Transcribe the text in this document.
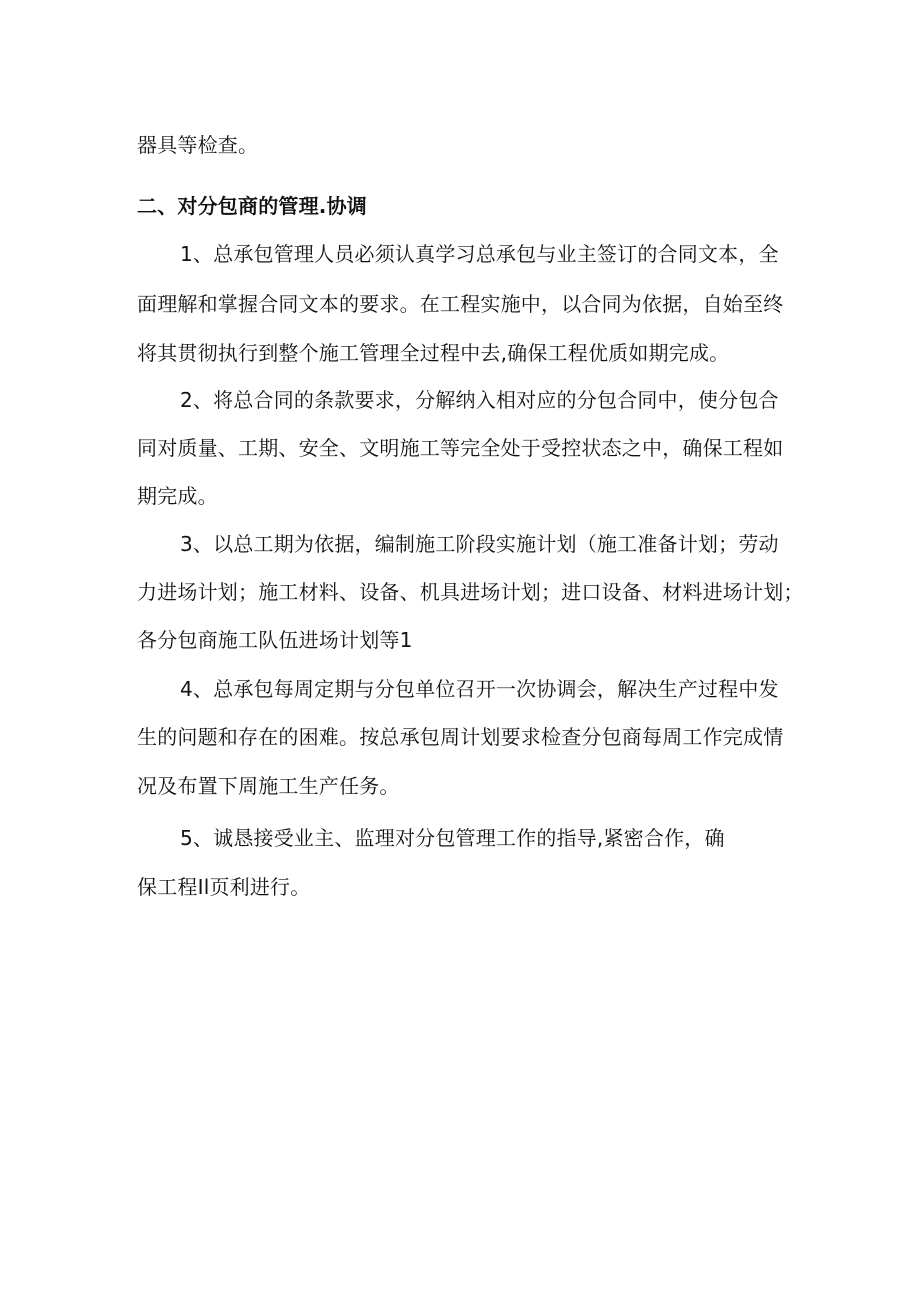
器具等检查。
二、对分包商的管理.协调
1、总承包管理人员必须认真学习总承包与业主签订的合同文本，全
面理解和掌握合同文本的要求。在工程实施中，以合同为依据，自始至终
将其贯彻执行到整个施工管理全过程中去,确保工程优质如期完成。
2、将总合同的条款要求，分解纳入相对应的分包合同中，使分包合
同对质量、工期、安全、文明施工等完全处于受控状态之中，确保工程如
期完成。
3、以总工期为依据，编制施工阶段实施计划（施工准备计划；劳动
力进场计划；施工材料、设备、机具进场计划；进口设备、材料进场计划；
各分包商施工队伍进场计划等1
4、总承包每周定期与分包单位召开一次协调会，解决生产过程中发
生的问题和存在的困难。按总承包周计划要求检查分包商每周工作完成情
况及布置下周施工生产任务。
5、诚恳接受业主、监理对分包管理工作的指导,紧密合作，确
保工程Il页利进行。
